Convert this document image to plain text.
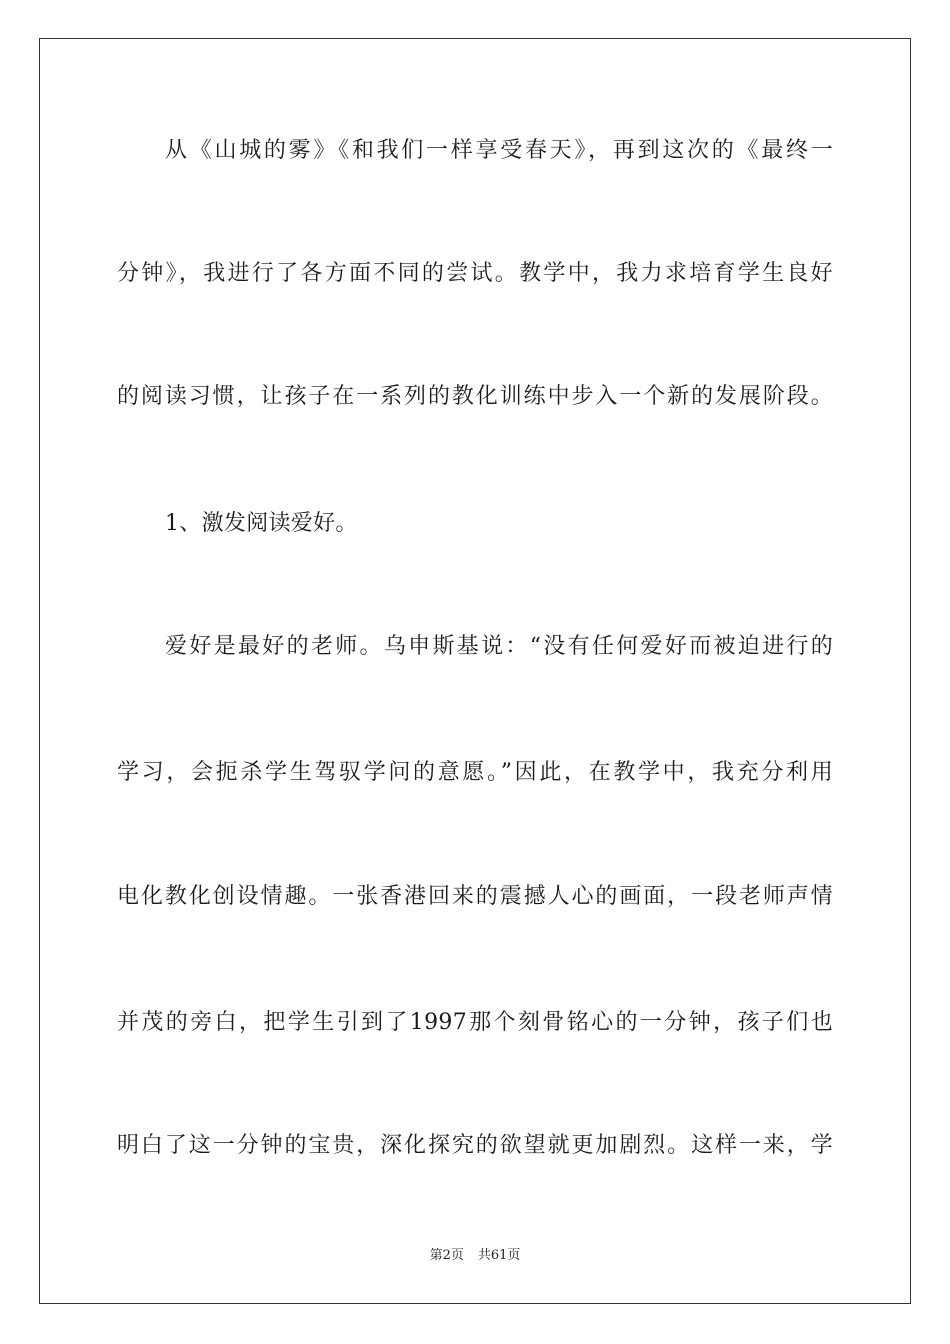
从《山城的雾》《和我们一样享受春天》，再到这次的《最终一
分钟》，我进行了各方面不同的尝试。教学中，我力求培育学生良好
的阅读习惯，让孩子在一系列的教化训练中步入一个新的发展阶段。
1、激发阅读爱好。
爱好是最好的老师。乌申斯基说：“没有任何爱好而被迫进行的
学习，会扼杀学生驾驭学问的意愿。”因此，在教学中，我充分利用
电化教化创设情趣。一张香港回来的震撼人心的画面，一段老师声情
并茂的旁白，把学生引到了1997那个刻骨铭心的一分钟，孩子们也
明白了这一分钟的宝贵，深化探究的欲望就更加剧烈。这样一来，学
第2页 共61页
